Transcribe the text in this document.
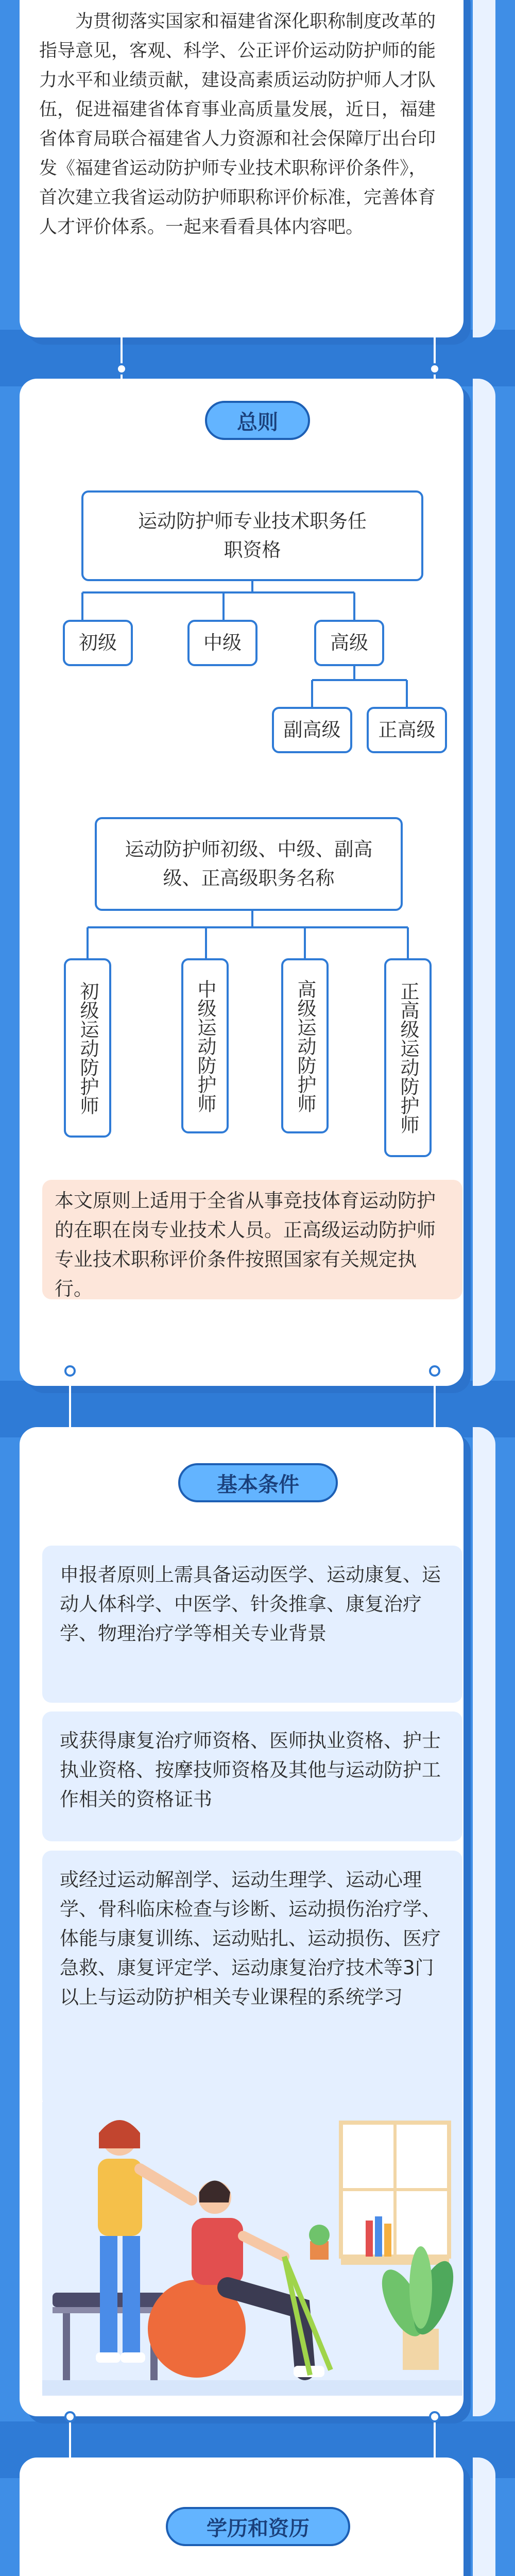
为贯彻落实国家和福建省深化职称制度改革的指导意见，客观、科学、公正评价运动防护师的能力水平和业绩贡献，建设高素质运动防护师人才队伍，促进福建省体育事业高质量发展，近日，福建省体育局联合福建省人力资源和社会保障厅出台印发《福建省运动防护师专业技术职称评价条件》，首次建立我省运动防护师职称评价标准，完善体育人才评价体系。一起来看看具体内容吧。

总则
运动防护师专业技术职务任职资格
初级	中级	高级
副高级	正高级
运动防护师初级、中级、副高级、正高级职务名称
初级运动防护师	中级运动防护师	高级运动防护师	正高级运动防护师

本文原则上适用于全省从事竞技体育运动防护的在职在岗专业技术人员。正高级运动防护师专业技术职称评价条件按照国家有关规定执行。

基本条件

申报者原则上需具备运动医学、运动康复、运动人体科学、中医学、针灸推拿、康复治疗学、物理治疗学等相关专业背景

或获得康复治疗师资格、医师执业资格、护士执业资格、按摩技师资格及其他与运动防护工作相关的资格证书

或经过运动解剖学、运动生理学、运动心理学、骨科临床检查与诊断、运动损伤治疗学、体能与康复训练、运动贴扎、运动损伤、医疗急救、康复评定学、运动康复治疗技术等3门以上与运动防护相关专业课程的系统学习

学历和资历
